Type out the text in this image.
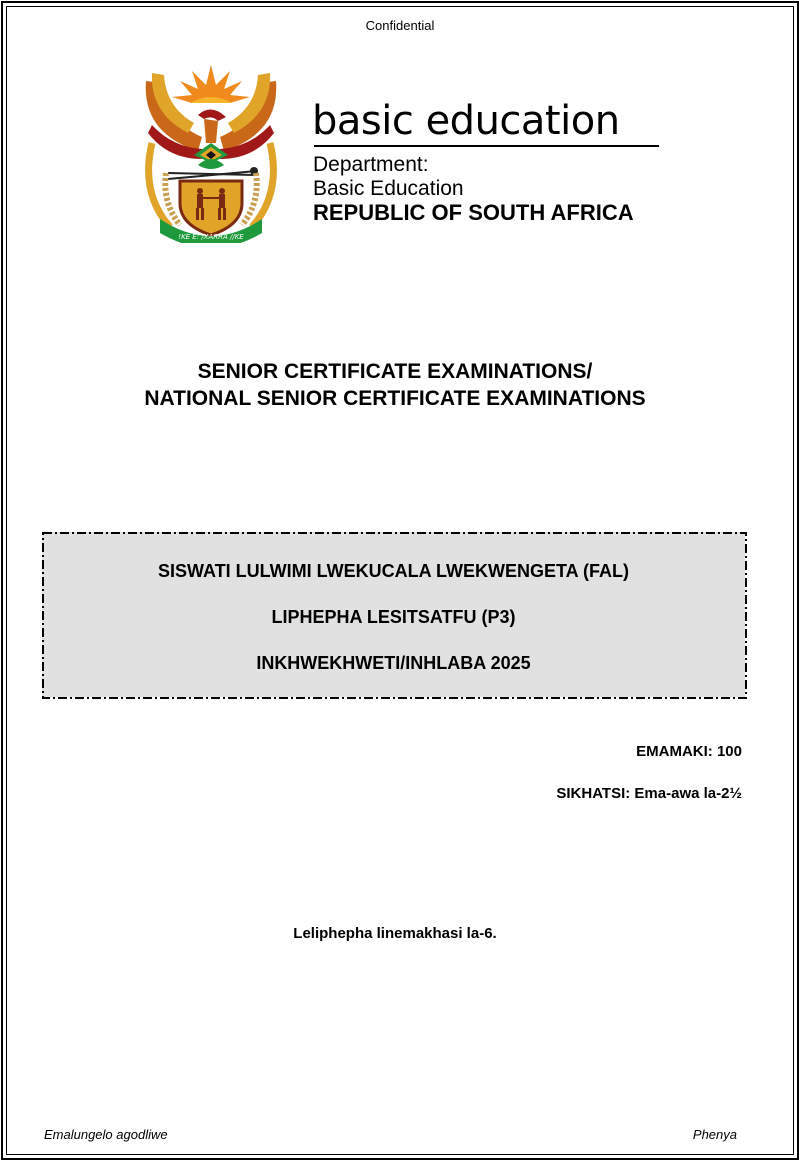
Confidential
!KE E: /XARRA //KE
basic education
Department:
Basic Education
REPUBLIC OF SOUTH AFRICA
SENIOR CERTIFICATE EXAMINATIONS/
NATIONAL SENIOR CERTIFICATE EXAMINATIONS
SISWATI LULWIMI LWEKUCALA LWEKWENGETA (FAL)
LIPHEPHA LESITSATFU (P3)
INKHWEKHWETI/INHLABA 2025
EMAMAKI: 100
SIKHATSI: Ema-awa la-2½
Leliphepha linemakhasi la-6.
Emalungelo agodliwe	Phenya
